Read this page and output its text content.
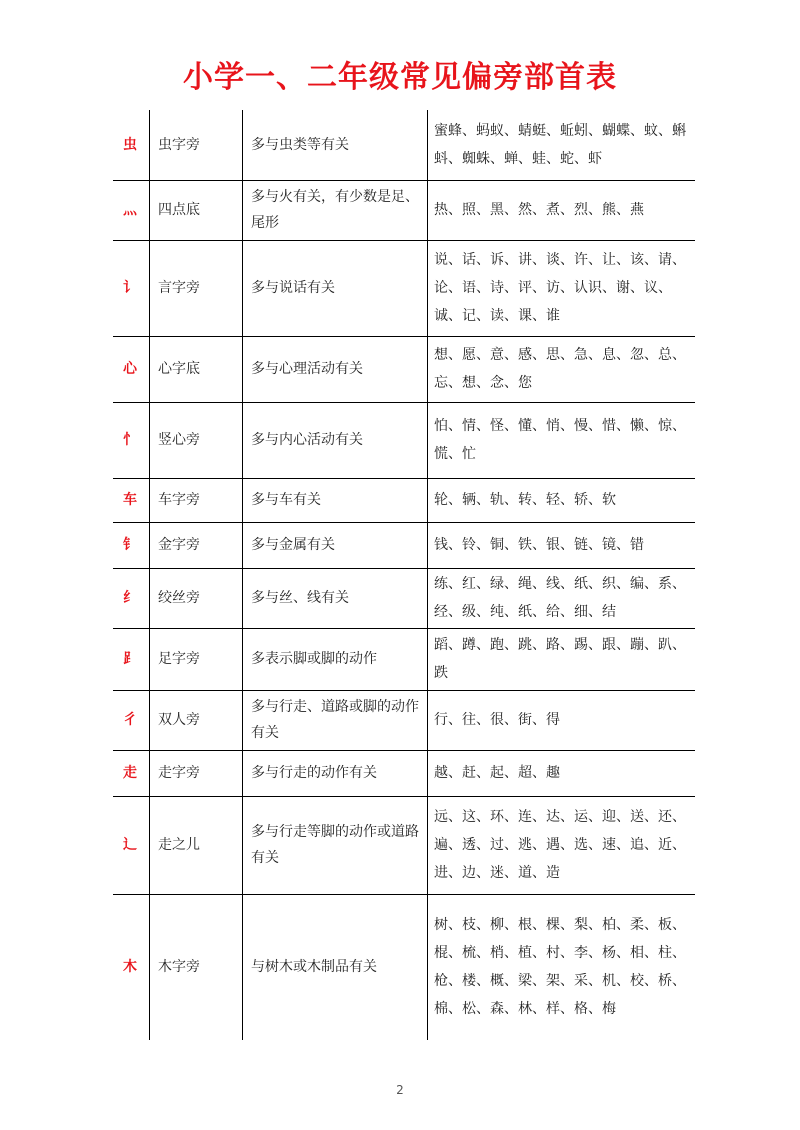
小学一、二年级常见偏旁部首表
虫	虫字旁	多与虫类等有关	蜜蜂、蚂蚁、蜻蜓、蚯蚓、蝴蝶、蚊、蝌蚪、蜘蛛、蝉、蛙、蛇、虾
灬	四点底	多与火有关，有少数是足、尾形	热、照、黑、然、煮、烈、熊、燕
讠	言字旁	多与说话有关	说、话、诉、讲、谈、许、让、该、请、论、语、诗、评、访、认识、谢、议、诚、记、读、课、谁
心	心字底	多与心理活动有关	想、愿、意、感、思、急、息、忽、总、忘、想、念、您
忄	竖心旁	多与内心活动有关	怕、情、怪、懂、悄、慢、惜、懒、惊、慌、忙
车	车字旁	多与车有关	轮、辆、轨、转、轻、轿、软
钅	金字旁	多与金属有关	钱、铃、铜、铁、银、链、镜、错
纟	绞丝旁	多与丝、线有关	练、红、绿、绳、线、纸、织、编、系、经、级、纯、纸、给、细、结
⻊	足字旁	多表示脚或脚的动作	蹈、蹲、跑、跳、路、踢、跟、蹦、趴、跌
彳	双人旁	多与行走、道路或脚的动作有关	行、往、很、街、得
走	走字旁	多与行走的动作有关	越、赶、起、超、趣
辶	走之儿	多与行走等脚的动作或道路有关	远、这、环、连、达、运、迎、送、还、遍、透、过、逃、遇、选、速、追、近、进、边、迷、道、造
木	木字旁	与树木或木制品有关	树、枝、柳、根、棵、梨、柏、柔、板、棍、梳、梢、植、村、李、杨、相、柱、枪、楼、概、梁、架、采、机、校、桥、棉、松、森、林、样、格、梅
2
